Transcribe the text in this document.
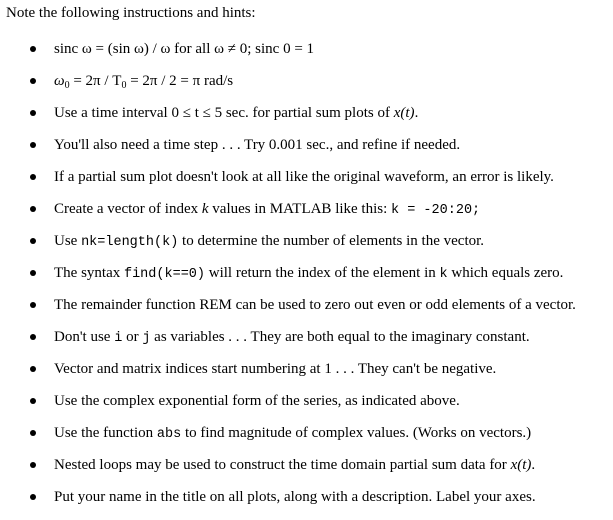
Note the following instructions and hints:
sinc ω = (sin ω) / ω for all ω ≠ 0; sinc 0 = 1
$\omega_0 = 2\pi / T_0 = 2\pi / 2 = \pi$ rad/s
Use a time interval 0 ≤ t ≤ 5 sec. for partial sum plots of x(t).
You'll also need a time step . . . Try 0.001 sec., and refine if needed.
If a partial sum plot doesn't look at all like the original waveform, an error is likely.
Create a vector of index k values in MATLAB like this: k = -20:20;
Use nk=length(k) to determine the number of elements in the vector.
The syntax find(k==0) will return the index of the element in k which equals zero.
The remainder function REM can be used to zero out even or odd elements of a vector.
Don't use i or j as variables . . . They are both equal to the imaginary constant.
Vector and matrix indices start numbering at 1 . . . They can't be negative.
Use the complex exponential form of the series, as indicated above.
Use the function abs to find magnitude of complex values. (Works on vectors.)
Nested loops may be used to construct the time domain partial sum data for x(t).
Put your name in the title on all plots, along with a description. Label your axes.
